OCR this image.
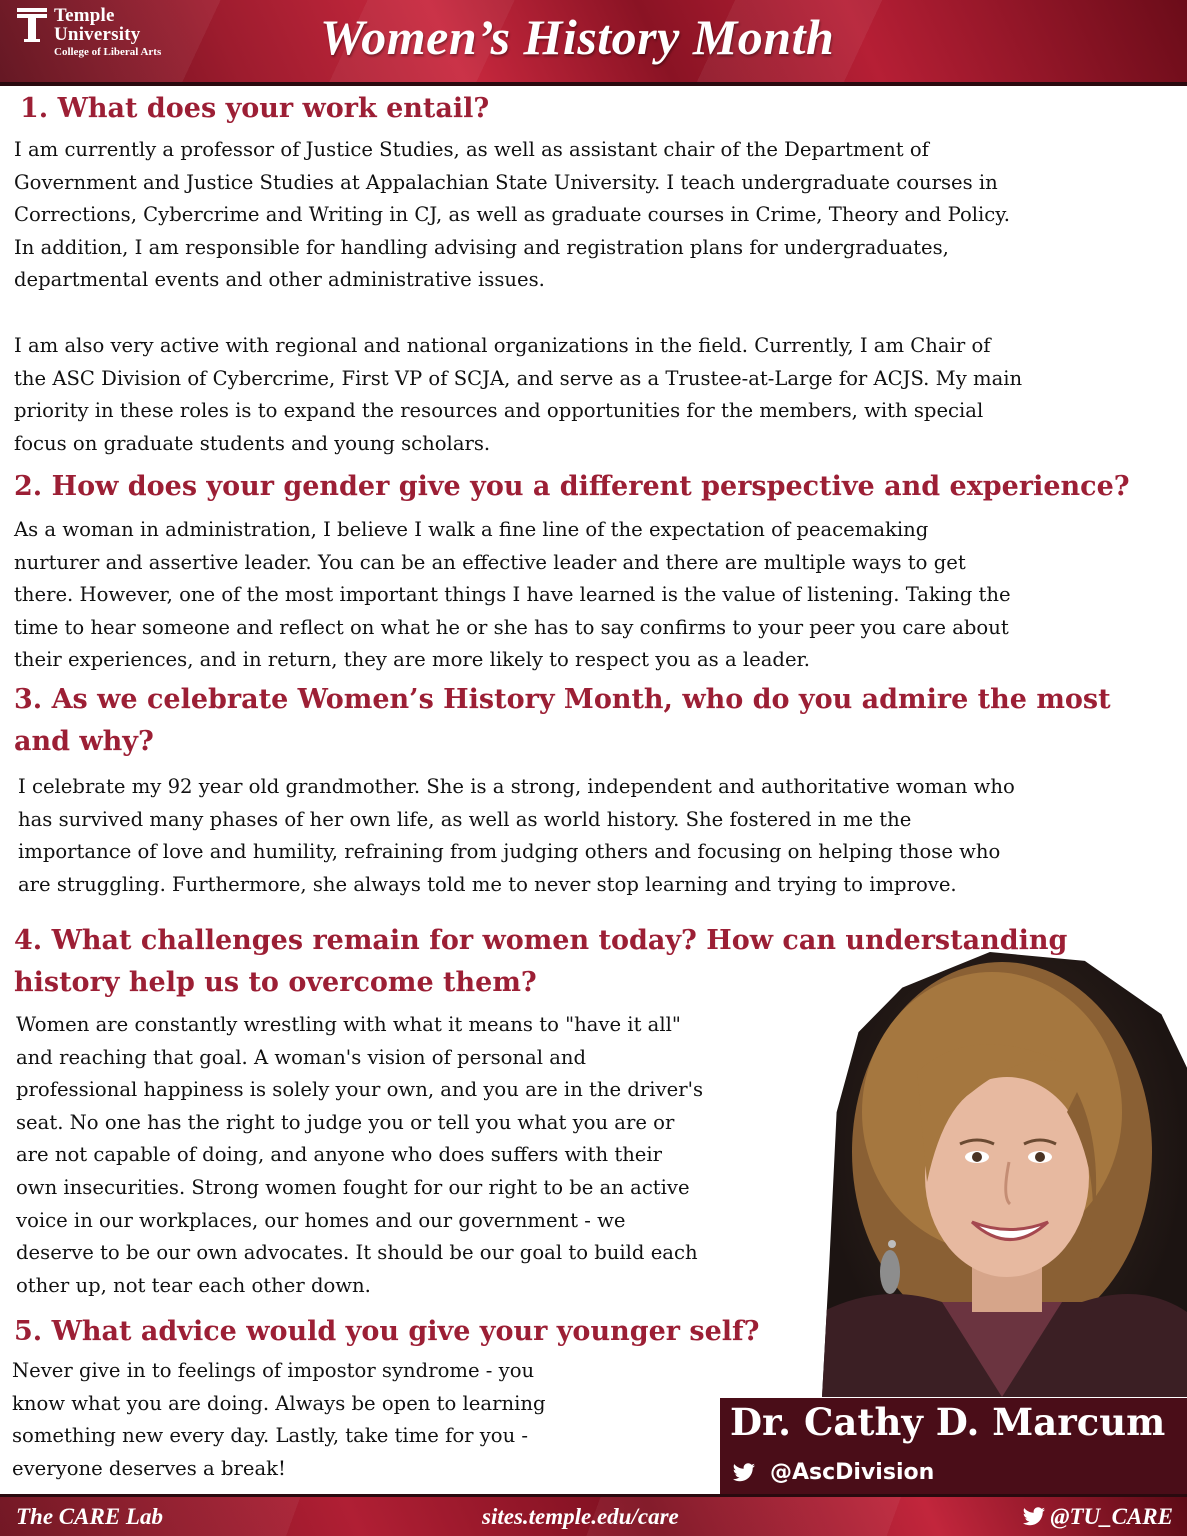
Temple
University
College of Liberal Arts	Women’s History Month
1. What does your work entail?
I am currently a professor of Justice Studies, as well as assistant chair of the Department of
Government and Justice Studies at Appalachian State University. I teach undergraduate courses in
Corrections, Cybercrime and Writing in CJ, as well as graduate courses in Crime, Theory and Policy.
In addition, I am responsible for handling advising and registration plans for undergraduates,
departmental events and other administrative issues.
I am also very active with regional and national organizations in the field. Currently, I am Chair of
the ASC Division of Cybercrime, First VP of SCJA, and serve as a Trustee-at-Large for ACJS. My main
priority in these roles is to expand the resources and opportunities for the members, with special
focus on graduate students and young scholars.
2. How does your gender give you a different perspective and experience?
As a woman in administration, I believe I walk a fine line of the expectation of peacemaking
nurturer and assertive leader. You can be an effective leader and there are multiple ways to get
there. However, one of the most important things I have learned is the value of listening. Taking the
time to hear someone and reflect on what he or she has to say confirms to your peer you care about
their experiences, and in return, they are more likely to respect you as a leader.
3. As we celebrate Women’s History Month, who do you admire the most
and why?
I celebrate my 92 year old grandmother. She is a strong, independent and authoritative woman who
has survived many phases of her own life, as well as world history. She fostered in me the
importance of love and humility, refraining from judging others and focusing on helping those who
are struggling. Furthermore, she always told me to never stop learning and trying to improve.
4. What challenges remain for women today? How can understanding
history help us to overcome them?
Women are constantly wrestling with what it means to "have it all"
and reaching that goal. A woman's vision of personal and
professional happiness is solely your own, and you are in the driver's
seat. No one has the right to judge you or tell you what you are or
are not capable of doing, and anyone who does suffers with their
own insecurities. Strong women fought for our right to be an active
voice in our workplaces, our homes and our government - we
deserve to be our own advocates. It should be our goal to build each
other up, not tear each other down.
5. What advice would you give your younger self?
Never give in to feelings of impostor syndrome - you
know what you are doing. Always be open to learning
something new every day. Lastly, take time for you -
everyone deserves a break!
Dr. Cathy D. Marcum
@AscDivision
The CARE Lab	sites.temple.edu/care	@TU_CARE
